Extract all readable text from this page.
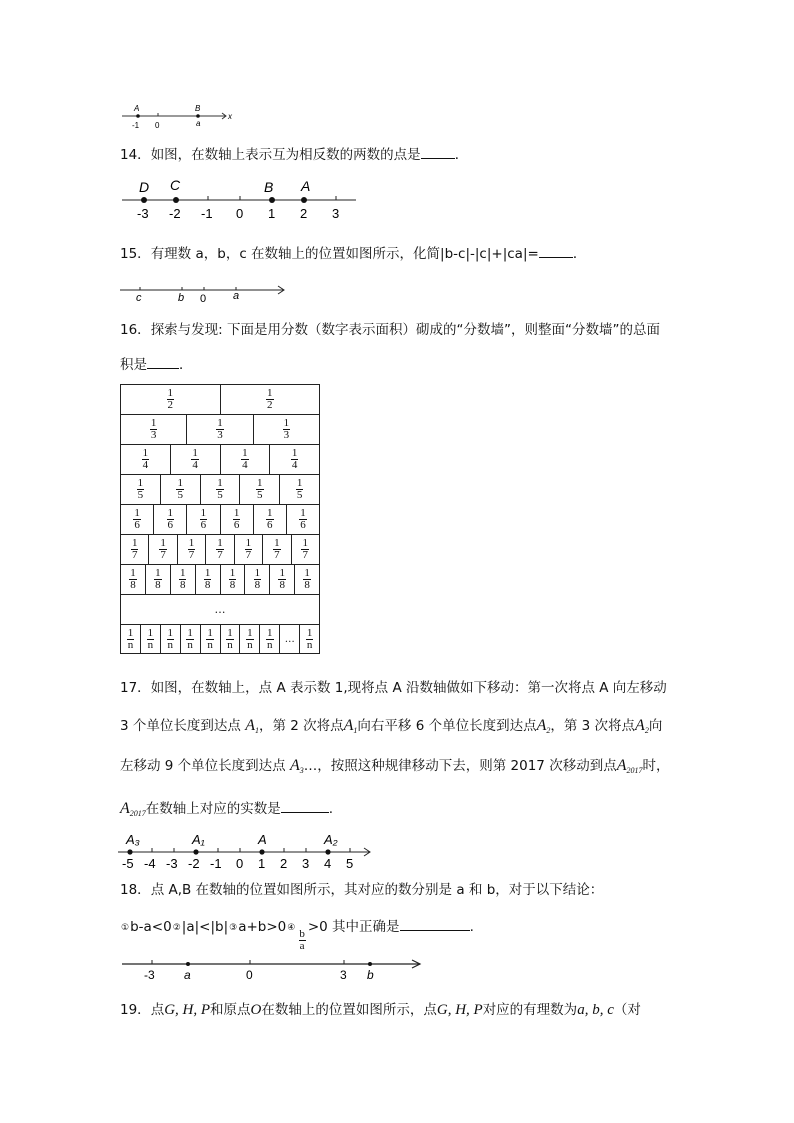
A	B
-1 0	a
x
14．如图，在数轴上表示互为相反数的两数的点是	．
D C	B A
-3 -2 -1 0 1 2 3
15．有理数 a，b，c 在数轴上的位置如图所示，化简|b-c|-|c|+|ca|=	．
c	b 0 a
16．探索与发现: 下面是用分数（数字表示面积）砌成的“分数墙”，则整面“分数墙”的总面
积是 ．
$\frac{1}{2}$	$\frac{1}{2}$
$\frac{1}{3}$	$\frac{1}{3}$	$\frac{1}{3}$
$\frac{1}{4}$	$\frac{1}{4}$	$\frac{1}{4}$	$\frac{1}{4}$
$\frac{1}{5}$	$\frac{1}{5}$	$\frac{1}{5}$	$\frac{1}{5}$	$\frac{1}{5}$
$\frac{1}{6} \frac{1}{6} \frac{1}{6} \frac{1}{6} \frac{1}{6} \frac{1}{6}$
$\frac{1}{7} \frac{1}{7} \frac{1}{7} \frac{1}{7} \frac{1}{7} \frac{1}{7} \frac{1}{7}$
$\frac{1}{8} \frac{1}{8} \frac{1}{8} \frac{1}{8} \frac{1}{8} \frac{1}{8} \frac{1}{8} \frac{1}{8}$
…
$\frac{1}{n} \frac{1}{n} \frac{1}{n} \frac{1}{n} \frac{1}{n} \frac{1}{n} \frac{1}{n} \frac{1}{n}$	…	$\frac{1}{n}$
17．如图，在数轴上，点 A 表示数 1,现将点 A 沿数轴做如下移动：第一次将点 A 向左移动
3 个单位长度到达点 $A_1$，第 2 次将点$A_1$向右平移 6 个单位长度到达点$A_2$，第 3 次将点$A_2$向
左移动 9 个单位长度到达点 $A_3\dots$，按照这种规律移动下去，则第 2017 次移动到点$A_{2017}$时，
$A_{2017}$在数轴上对应的实数是	.
A₃	A₁	A	A₂
-5 -4 -3 -2 -1 0 1 2 3 4 5
18．点 A,B 在数轴的位置如图所示，其对应的数分别是 a 和 b，对于以下结论：
①b-a<0②|a|<|b|③a+b>0④
$\frac{b}{a}$
>0 其中正确是	.
-3 a	0	3 b
19．点G, H, P和原点O在数轴上的位置如图所示，点G, H, P对应的有理数为a, b, c（对
